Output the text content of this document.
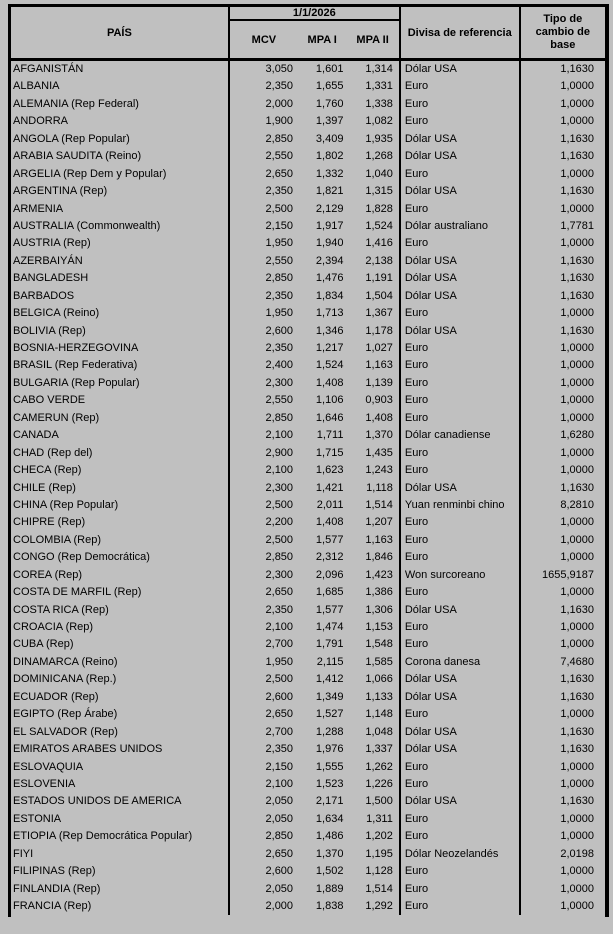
PAÍS
1/1/2026
MCV	MPA I	MPA II
Divisa de referencia
Tipo de cambio de base
AFGANISTÁN	3,050	1,601	1,314	Dólar USA	1,1630
ALBANIA	2,350	1,655	1,331	Euro	1,0000
ALEMANIA (Rep Federal)	2,000	1,760	1,338	Euro	1,0000
ANDORRA	1,900	1,397	1,082	Euro	1,0000
ANGOLA (Rep Popular)	2,850	3,409	1,935	Dólar USA	1,1630
ARABIA SAUDITA (Reino)	2,550	1,802	1,268	Dólar USA	1,1630
ARGELIA (Rep Dem y Popular)	2,650	1,332	1,040	Euro	1,0000
ARGENTINA (Rep)	2,350	1,821	1,315	Dólar USA	1,1630
ARMENIA	2,500	2,129	1,828	Euro	1,0000
AUSTRALIA (Commonwealth)	2,150	1,917	1,524	Dólar australiano	1,7781
AUSTRIA (Rep)	1,950	1,940	1,416	Euro	1,0000
AZERBAIYÁN	2,550	2,394	2,138	Dólar USA	1,1630
BANGLADESH	2,850	1,476	1,191	Dólar USA	1,1630
BARBADOS	2,350	1,834	1,504	Dólar USA	1,1630
BELGICA (Reino)	1,950	1,713	1,367	Euro	1,0000
BOLIVIA (Rep)	2,600	1,346	1,178	Dólar USA	1,1630
BOSNIA-HERZEGOVINA	2,350	1,217	1,027	Euro	1,0000
BRASIL (Rep Federativa)	2,400	1,524	1,163	Euro	1,0000
BULGARIA (Rep Popular)	2,300	1,408	1,139	Euro	1,0000
CABO VERDE	2,550	1,106	0,903	Euro	1,0000
CAMERUN (Rep)	2,850	1,646	1,408	Euro	1,0000
CANADA	2,100	1,711	1,370	Dólar canadiense	1,6280
CHAD (Rep del)	2,900	1,715	1,435	Euro	1,0000
CHECA (Rep)	2,100	1,623	1,243	Euro	1,0000
CHILE (Rep)	2,300	1,421	1,118	Dólar USA	1,1630
CHINA (Rep Popular)	2,500	2,011	1,514	Yuan renminbi chino	8,2810
CHIPRE (Rep)	2,200	1,408	1,207	Euro	1,0000
COLOMBIA (Rep)	2,500	1,577	1,163	Euro	1,0000
CONGO (Rep Democrática)	2,850	2,312	1,846	Euro	1,0000
COREA (Rep)	2,300	2,096	1,423	Won surcoreano	1655,9187
COSTA DE MARFIL (Rep)	2,650	1,685	1,386	Euro	1,0000
COSTA RICA (Rep)	2,350	1,577	1,306	Dólar USA	1,1630
CROACIA (Rep)	2,100	1,474	1,153	Euro	1,0000
CUBA (Rep)	2,700	1,791	1,548	Euro	1,0000
DINAMARCA (Reino)	1,950	2,115	1,585	Corona danesa	7,4680
DOMINICANA (Rep.)	2,500	1,412	1,066	Dólar USA	1,1630
ECUADOR (Rep)	2,600	1,349	1,133	Dólar USA	1,1630
EGIPTO (Rep Árabe)	2,650	1,527	1,148	Euro	1,0000
EL SALVADOR (Rep)	2,700	1,288	1,048	Dólar USA	1,1630
EMIRATOS ARABES UNIDOS	2,350	1,976	1,337	Dólar USA	1,1630
ESLOVAQUIA	2,150	1,555	1,262	Euro	1,0000
ESLOVENIA	2,100	1,523	1,226	Euro	1,0000
ESTADOS UNIDOS DE AMERICA	2,050	2,171	1,500	Dólar USA	1,1630
ESTONIA	2,050	1,634	1,311	Euro	1,0000
ETIOPIA (Rep Democrática Popular)	2,850	1,486	1,202	Euro	1,0000
FIYI	2,650	1,370	1,195	Dólar Neozelandés	2,0198
FILIPINAS (Rep)	2,600	1,502	1,128	Euro	1,0000
FINLANDIA (Rep)	2,050	1,889	1,514	Euro	1,0000
FRANCIA (Rep)	2,000	1,838	1,292	Euro	1,0000
